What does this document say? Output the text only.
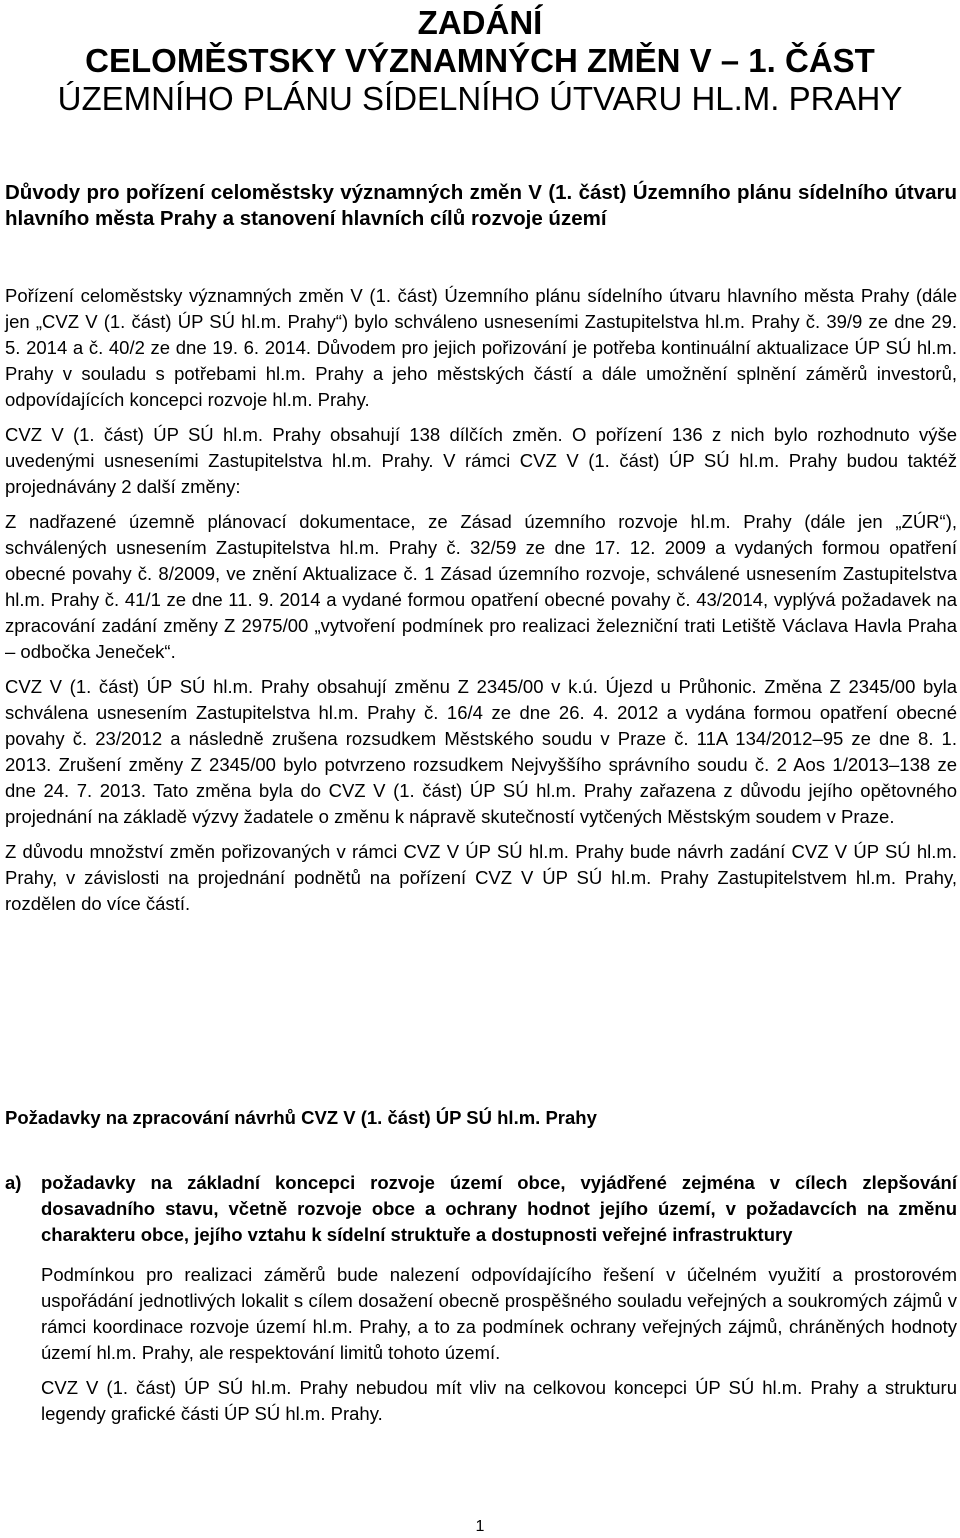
ZADÁNÍ
CELOMĚSTSKY VÝZNAMNÝCH ZMĚN V – 1. ČÁST
ÚZEMNÍHO PLÁNU SÍDELNÍHO ÚTVARU HL.M. PRAHY
Důvody pro pořízení celoměstsky významných změn V (1. část) Územního plánu sídelního útvaru hlavního města Prahy a stanovení hlavních cílů rozvoje území

Pořízení celoměstsky významných změn V (1. část) Územního plánu sídelního útvaru hlavního města Prahy (dále jen „CVZ V (1. část) ÚP SÚ hl.m. Prahy“) bylo schváleno usneseními Zastupitelstva hl.m. Prahy č. 39/9 ze dne 29. 5. 2014 a č. 40/2 ze dne 19. 6. 2014. Důvodem pro jejich pořizování je potřeba kontinuální aktualizace ÚP SÚ hl.m. Prahy v souladu s potřebami hl.m. Prahy a jeho městských částí a dále umožnění splnění záměrů investorů, odpovídajících koncepci rozvoje hl.m. Prahy.

CVZ V (1. část) ÚP SÚ hl.m. Prahy obsahují 138 dílčích změn. O pořízení 136 z nich bylo rozhodnuto výše uvedenými usneseními Zastupitelstva hl.m. Prahy. V rámci CVZ V (1. část) ÚP SÚ hl.m. Prahy budou taktéž projednávány 2 další změny:

Z nadřazené územně plánovací dokumentace, ze Zásad územního rozvoje hl.m. Prahy (dále jen „ZÚR“), schválených usnesením Zastupitelstva hl.m. Prahy č. 32/59 ze dne 17. 12. 2009 a vydaných formou opatření obecné povahy č. 8/2009, ve znění Aktualizace č. 1 Zásad územního rozvoje, schválené usnesením Zastupitelstva hl.m. Prahy č. 41/1 ze dne 11. 9. 2014 a vydané formou opatření obecné povahy č. 43/2014, vyplývá požadavek na zpracování zadání změny Z 2975/00 „vytvoření podmínek pro realizaci železniční trati Letiště Václava Havla Praha – odbočka Jeneček“.

CVZ V (1. část) ÚP SÚ hl.m. Prahy obsahují změnu Z 2345/00 v k.ú. Újezd u Průhonic. Změna Z 2345/00 byla schválena usnesením Zastupitelstva hl.m. Prahy č. 16/4 ze dne 26. 4. 2012 a vydána formou opatření obecné povahy č. 23/2012 a následně zrušena rozsudkem Městského soudu v Praze č. 11A 134/2012–95 ze dne 8. 1. 2013. Zrušení změny Z 2345/00 bylo potvrzeno rozsudkem Nejvyššího správního soudu č. 2 Aos 1/2013–138 ze dne 24. 7. 2013. Tato změna byla do CVZ V (1. část) ÚP SÚ hl.m. Prahy zařazena z důvodu jejího opětovného projednání na základě výzvy žadatele o změnu k nápravě skutečností vytčených Městským soudem v Praze.

Z důvodu množství změn pořizovaných v rámci CVZ V ÚP SÚ hl.m. Prahy bude návrh zadání CVZ V ÚP SÚ hl.m. Prahy, v závislosti na projednání podnětů na pořízení CVZ V ÚP SÚ hl.m. Prahy Zastupitelstvem hl.m. Prahy, rozdělen do více částí.

Požadavky na zpracování návrhů CVZ V (1. část) ÚP SÚ hl.m. Prahy
a) požadavky na základní koncepci rozvoje území obce, vyjádřené zejména v cílech zlepšování dosavadního stavu, včetně rozvoje obce a ochrany hodnot jejího území, v požadavcích na změnu charakteru obce, jejího vztahu k sídelní struktuře a dostupnosti veřejné infrastruktury

Podmínkou pro realizaci záměrů bude nalezení odpovídajícího řešení v účelném využití a prostorovém uspořádání jednotlivých lokalit s cílem dosažení obecně prospěšného souladu veřejných a soukromých zájmů v rámci koordinace rozvoje území hl.m. Prahy, a to za podmínek ochrany veřejných zájmů, chráněných hodnoty území hl.m. Prahy, ale respektování limitů tohoto území.

CVZ V (1. část) ÚP SÚ hl.m. Prahy nebudou mít vliv na celkovou koncepci ÚP SÚ hl.m. Prahy a strukturu legendy grafické části ÚP SÚ hl.m. Prahy.

1
